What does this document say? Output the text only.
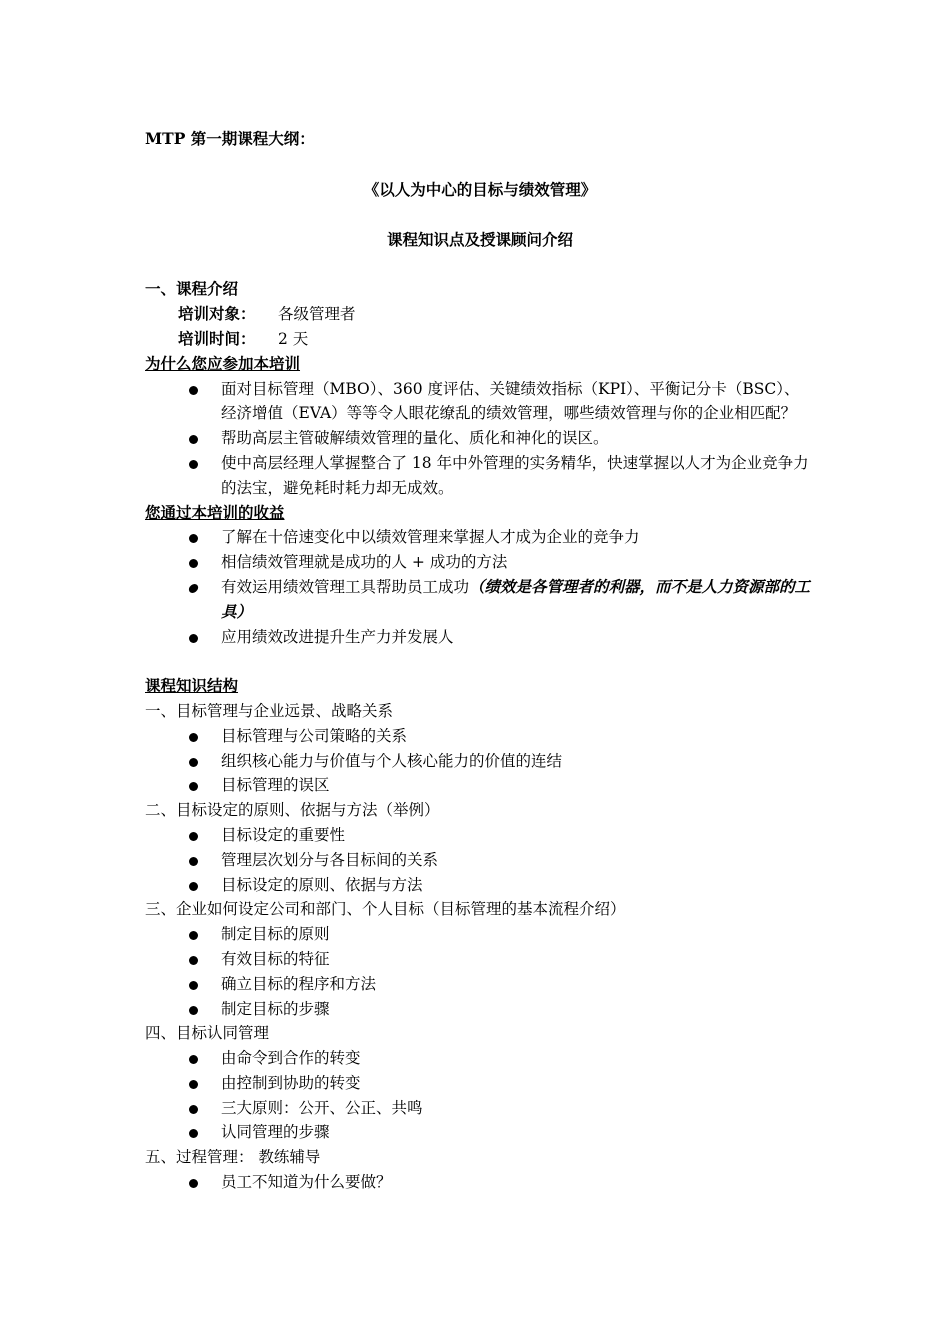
MTP 第一期课程大纲：
《以人为中心的目标与绩效管理》
课程知识点及授课顾问介绍
一、课程介绍
培训对象： 各级管理者
培训时间： 2 天
为什么您应参加本培训
面对目标管理（MBO）、360 度评估、关键绩效指标（KPI）、平衡记分卡（BSC）、经济增值（EVA）等等令人眼花缭乱的绩效管理，哪些绩效管理与你的企业相匹配？
帮助高层主管破解绩效管理的量化、质化和神化的误区。
使中高层经理人掌握整合了 18 年中外管理的实务精华，快速掌握以人才为企业竞争力的法宝，避免耗时耗力却无成效。
您通过本培训的收益
了解在十倍速变化中以绩效管理来掌握人才成为企业的竞争力
相信绩效管理就是成功的人 + 成功的方法
有效运用绩效管理工具帮助员工成功（绩效是各管理者的利器，而不是人力资源部的工具）
应用绩效改进提升生产力并发展人
课程知识结构
一、目标管理与企业远景、战略关系
目标管理与公司策略的关系
组织核心能力与价值与个人核心能力的价值的连结
目标管理的误区
二、目标设定的原则、依据与方法（举例）
目标设定的重要性
管理层次划分与各目标间的关系
目标设定的原则、依据与方法
三、企业如何设定公司和部门、个人目标（目标管理的基本流程介绍）
制定目标的原则
有效目标的特征
确立目标的程序和方法
制定目标的步骤
四、目标认同管理
由命令到合作的转变
由控制到协助的转变
三大原则：公开、公正、共鸣
认同管理的步骤
五、过程管理： 教练辅导
员工不知道为什么要做？
